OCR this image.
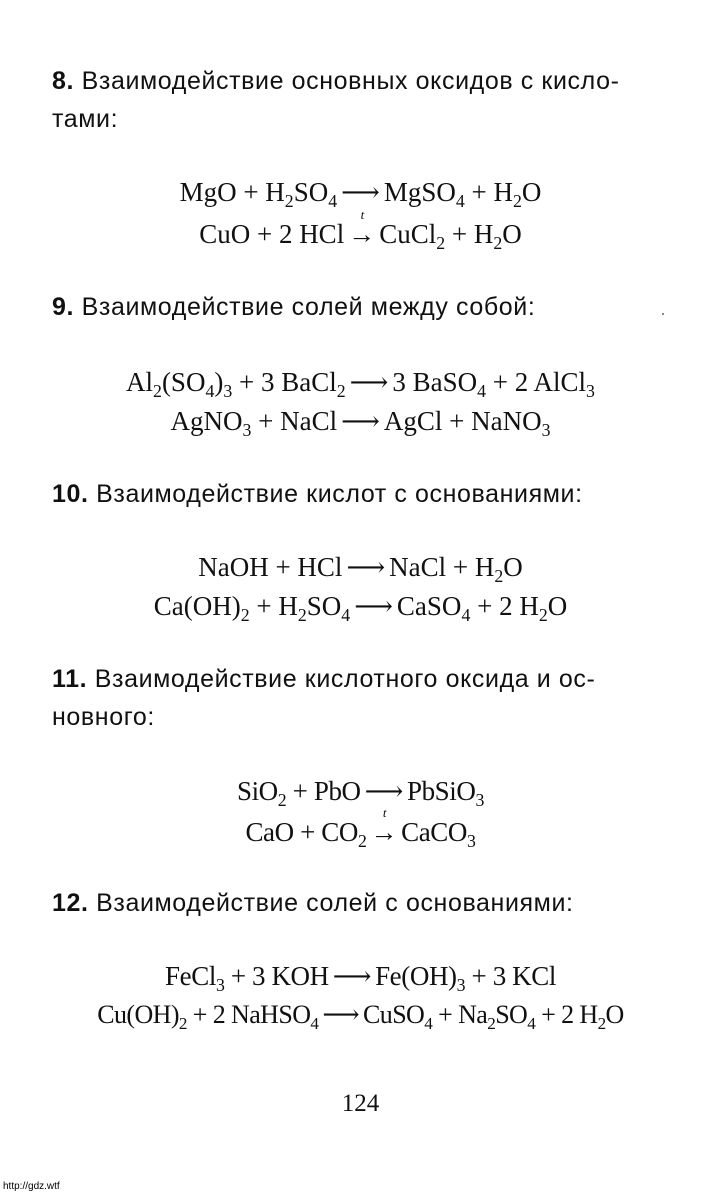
8. Взаимодействие основных оксидов с кисло-
тами:
MgO + $H_2SO_4$ ⟶ MgSO$_4$ + $H_2O$
CuO + 2 HCl
t
→ CuCl$_2$ + $H_2O$
9. Взаимодействие солей между собой:
$Al_2(SO_4)_3 + 3$ BaCl$_2$ ⟶ 3 BaSO$_4$ + 2 AlCl$_3$
AgNO$_3$ + NaCl ⟶ AgCl + NaNO$_3$
10. Взаимодействие кислот с основаниями:
NaOH + HCl ⟶ NaCl + $H_2O$
$Ca(OH)_2 + H_2SO_4$ ⟶ CaSO$_4$ + 2 $H_2O$
11. Взаимодействие кислотного оксида и ос-
новного:
SiO$_2$ + PbO ⟶ PbSiO$_3$
CaO + $CO_2$
t
→ CaCO$_3$
12. Взаимодействие солей с основаниями:
FeCl$_3$ + 3 KOH ⟶ $Fe(OH)_3 + 3$ KCl
$Cu(OH)_2 + 2$ NaHSO$_4$ ⟶ CuSO$_4$ + $Na_2SO_4 + 2$ $H_2O$
124
http://gdz.wtf
